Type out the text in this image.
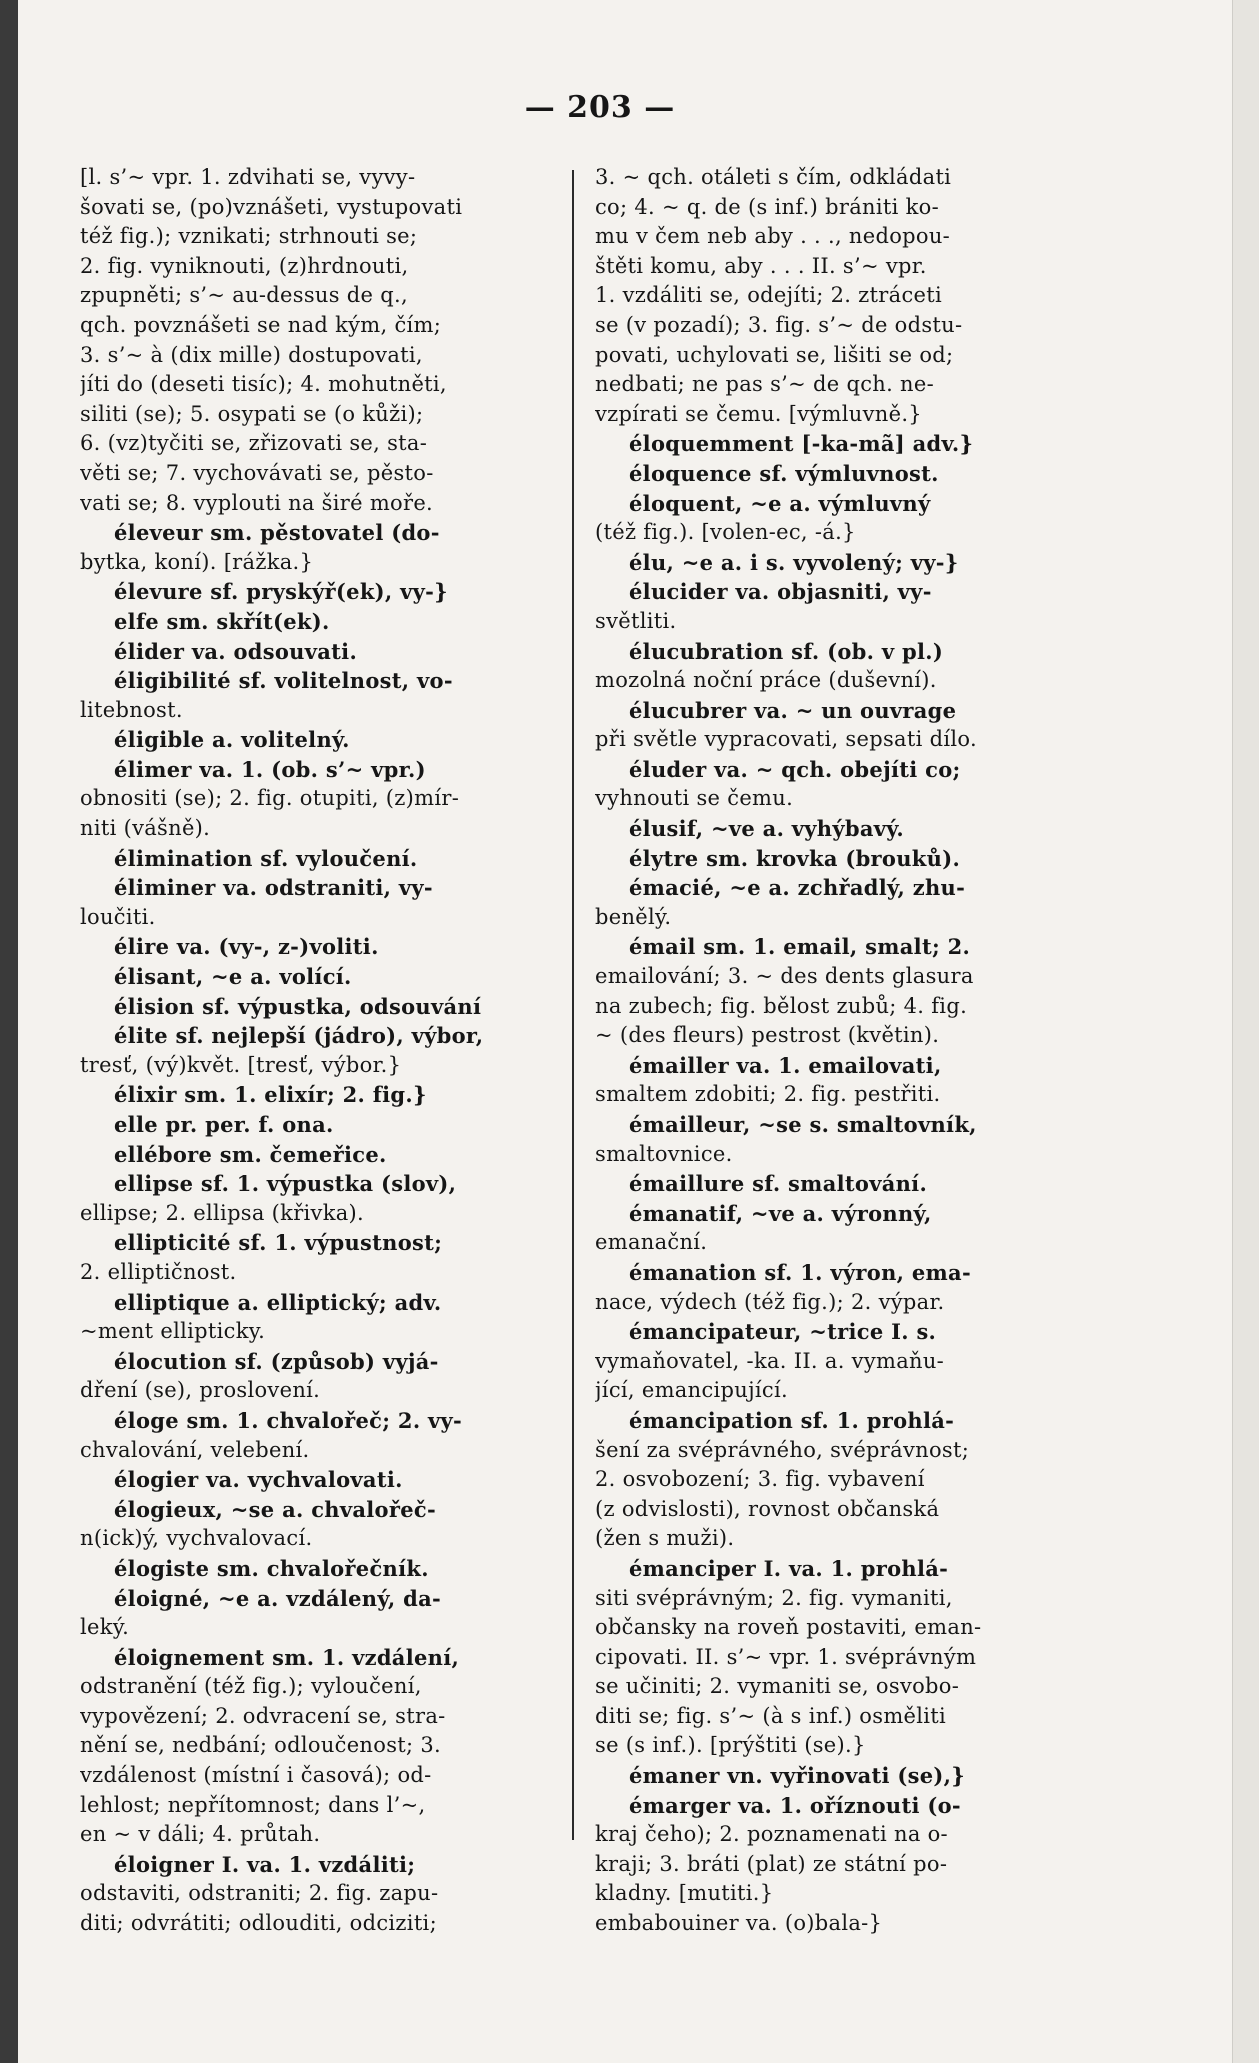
— 203 —
[l. s’~ vpr. 1. zdvihati se, vyvy-
šovati se, (po)vznášeti, vystupovati
též fig.); vznikati; strhnouti se;
2. fig. vyniknouti, (z)hrdnouti,
zpupněti; s’~ au-dessus de q.,
qch. povznášeti se nad kým, čím;
3. s’~ à (dix mille) dostupovati,
jíti do (deseti tisíc); 4. mohutněti,
siliti (se); 5. osypati se (o kůži);
6. (vz)tyčiti se, zřizovati se, sta-
věti se; 7. vychovávati se, pěsto-
vati se; 8. vyplouti na širé moře.
éleveur sm. pěstovatel (do-
bytka, koní). [rážka.}
élevure sf. pryskýř(ek), vy-}
elfe sm. skřít(ek).
élider va. odsouvati.
éligibilité sf. volitelnost, vo-
litebnost.
éligible a. volitelný.
élimer va. 1. (ob. s’~ vpr.)
obnositi (se); 2. fig. otupiti, (z)mír-
niti (vášně).
élimination sf. vyloučení.
éliminer va. odstraniti, vy-
loučiti.
élire va. (vy-, z-)voliti.
élisant, ~e a. volící.
élision sf. výpustka, odsouvání
élite sf. nejlepší (jádro), výbor,
tresť, (vý)květ. [tresť, výbor.}
élixir sm. 1. elixír; 2. fig.}
elle pr. per. f. ona.
ellébore sm. čemeřice.
ellipse sf. 1. výpustka (slov),
ellipse; 2. ellipsa (křivka).
ellipticité sf. 1. výpustnost;
2. elliptičnost.
elliptique a. elliptický; adv.
~ment ellipticky.
élocution sf. (způsob) vyjá-
dření (se), proslovení.
éloge sm. 1. chvalořeč; 2. vy-
chvalování, velebení.
élogier va. vychvalovati.
élogieux, ~se a. chvalořeč-
n(ick)ý, vychvalovací.
élogiste sm. chvalořečník.
éloigné, ~e a. vzdálený, da-
leký.
éloignement sm. 1. vzdálení,
odstranění (též fig.); vyloučení,
vypovězení; 2. odvracení se, stra-
nění se, nedbání; odloučenost; 3.
vzdálenost (místní i časová); od-
lehlost; nepřítomnost; dans l’~,
en ~ v dáli; 4. průtah.
éloigner I. va. 1. vzdáliti;
odstaviti, odstraniti; 2. fig. zapu-
diti; odvrátiti; odlouditi, odciziti;
3. ~ qch. otáleti s čím, odkládati
co; 4. ~ q. de (s inf.) brániti ko-
mu v čem neb aby . . ., nedopou-
štěti komu, aby . . . II. s’~ vpr.
1. vzdáliti se, odejíti; 2. ztráceti
se (v pozadí); 3. fig. s’~ de odstu-
povati, uchylovati se, lišiti se od;
nedbati; ne pas s’~ de qch. ne-
vzpírati se čemu. [výmluvně.}
éloquemment [-ka-mã] adv.}
éloquence sf. výmluvnost.
éloquent, ~e a. výmluvný
(též fig.). [volen-ec, -á.}
élu, ~e a. i s. vyvolený; vy-}
élucider va. objasniti, vy-
světliti.
élucubration sf. (ob. v pl.)
mozolná noční práce (duševní).
élucubrer va. ~ un ouvrage
při světle vypracovati, sepsati dílo.
éluder va. ~ qch. obejíti co;
vyhnouti se čemu.
élusif, ~ve a. vyhýbavý.
élytre sm. krovka (brouků).
émacié, ~e a. zchřadlý, zhu-
benělý.
émail sm. 1. email, smalt; 2.
emailování; 3. ~ des dents glasura
na zubech; fig. bělost zubů; 4. fig.
~ (des fleurs) pestrost (květin).
émailler va. 1. emailovati,
smaltem zdobiti; 2. fig. pestřiti.
émailleur, ~se s. smaltovník,
smaltovnice.
émaillure sf. smaltování.
émanatif, ~ve a. výronný,
emanační.
émanation sf. 1. výron, ema-
nace, výdech (též fig.); 2. výpar.
émancipateur, ~trice I. s.
vymaňovatel, -ka. II. a. vymaňu-
jící, emancipující.
émancipation sf. 1. prohlá-
šení za svéprávného, svéprávnost;
2. osvobození; 3. fig. vybavení
(z odvislosti), rovnost občanská
(žen s muži).
émanciper I. va. 1. prohlá-
siti svéprávným; 2. fig. vymaniti,
občansky na roveň postaviti, eman-
cipovati. II. s’~ vpr. 1. svéprávným
se učiniti; 2. vymaniti se, osvobo-
diti se; fig. s’~ (à s inf.) osměliti
se (s inf.). [prýštiti (se).}
émaner vn. vyřinovati (se),}
émarger va. 1. oříznouti (o-
kraj čeho); 2. poznamenati na o-
kraji; 3. bráti (plat) ze státní po-
kladny. [mutiti.}
embabouiner va. (o)bala-}
